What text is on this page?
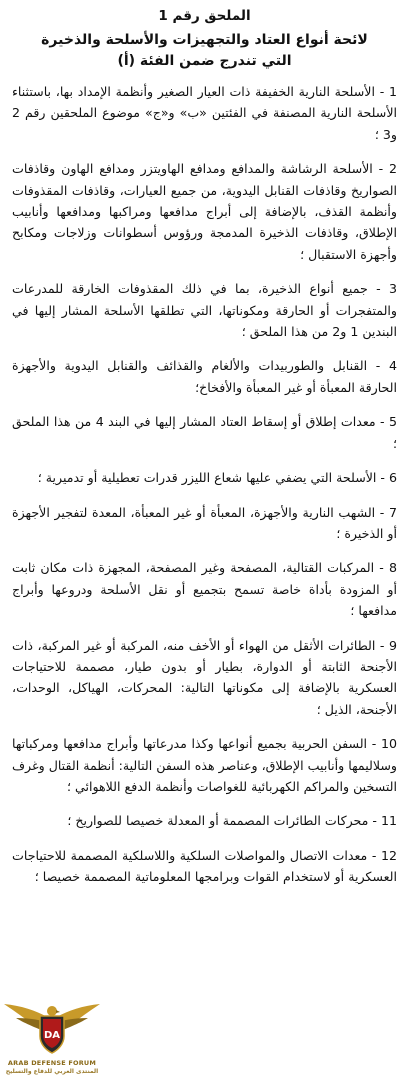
الملحق رقم 1
لائحة أنواع العتاد والتجهيزات والأسلحة والذخيرة
التي تندرج ضمن الفئة (أ)

1 - الأسلحة النارية الخفيفة ذات العيار الصغير وأنظمة الإمداد بها، باستثناء الأسلحة النارية المصنفة في الفئتين «ب» و«ج» موضوع الملحقين رقم 2 و3 ؛

2 - الأسلحة الرشاشة والمدافع ومدافع الهاويتزر ومدافع الهاون وقاذفات الصواريخ وقاذفات القنابل اليدوية، من جميع العيارات، وقاذفات المقذوفات وأنظمة القذف، بالإضافة إلى أبراج مدافعها ومراكبها ومدافعها وأنابيب الإطلاق، وقاذفات الذخيرة المدمجة ورؤوس أسطوانات وزلاجات ومكابح وأجهزة الاستقبال ؛

3 - جميع أنواع الذخيرة، بما في ذلك المقذوفات الخارقة للمدرعات والمتفجرات أو الحارقة ومكوناتها، التي تطلقها الأسلحة المشار إليها في البندين 1 و2 من هذا الملحق ؛

4 - القنابل والطوربيدات والألغام والقذائف والقنابل اليدوية والأجهزة الحارقة المعبأة أو غير المعبأة والأفخاخ؛

5 - معدات إطلاق أو إسقاط العتاد المشار إليها في البند 4 من هذا الملحق ؛

6 - الأسلحة التي يضفي عليها شعاع الليزر قدرات تعطيلية أو تدميرية ؛

7 - الشهب النارية والأجهزة، المعبأة أو غير المعبأة، المعدة لتفجير الأجهزة أو الذخيرة ؛

8 - المركبات القتالية، المصفحة وغير المصفحة، المجهزة ذات مكان ثابت أو المزودة بأداة خاصة تسمح بتجميع أو نقل الأسلحة ودروعها وأبراج مدافعها ؛

9 - الطائرات الأثقل من الهواء أو الأخف منه، المركبة أو غير المركبة، ذات الأجنحة الثابتة أو الدوارة، بطيار أو بدون طيار، مصممة للاحتياجات العسكرية بالإضافة إلى مكوناتها التالية: المحركات، الهياكل، الوحدات، الأجنحة، الذيل ؛

10 - السفن الحربية بجميع أنواعها وكذا مدرعاتها وأبراج مدافعها ومركباتها وسلاليمها وأنابيب الإطلاق، وعناصر هذه السفن التالية: أنظمة القتال وغرف التسخين والمراكم الكهربائية للغواصات وأنظمة الدفع اللاهوائي ؛

11 - محركات الطائرات المصممة أو المعدلة خصيصا للصواريخ ؛

12 - معدات الاتصال والمواصلات السلكية واللاسلكية المصممة للاحتياجات العسكرية أو لاستخدام القوات وبرامجها المعلوماتية المصممة خصيصا ؛

DA
ARAB DEFENSE FORUM
المنتدى العربي للدفاع والتسليح
